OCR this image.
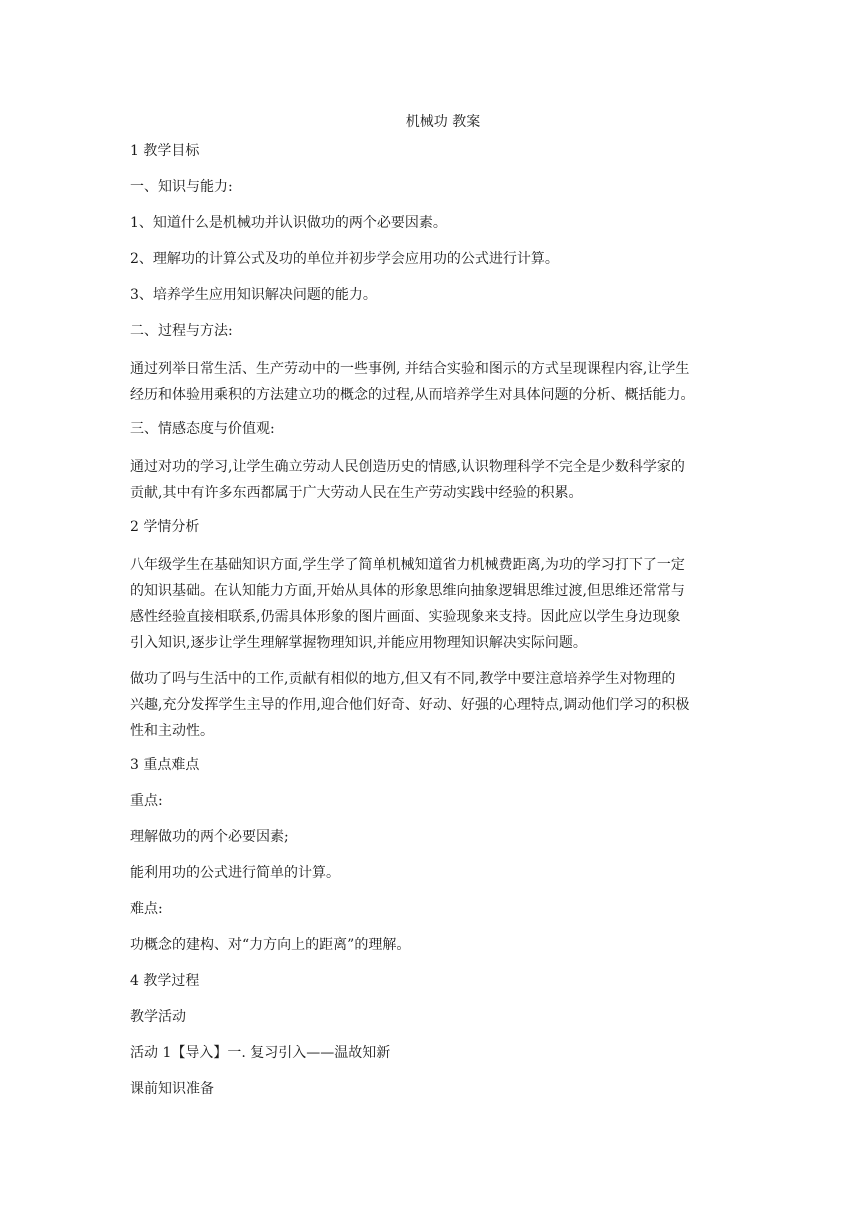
机械功 教案
1 教学目标
一、知识与能力:
1、知道什么是机械功并认识做功的两个必要因素。
2、理解功的计算公式及功的单位并初步学会应用功的公式进行计算。
3、培养学生应用知识解决问题的能力。
二、过程与方法:
通过列举日常生活、生产劳动中的一些事例, 并结合实验和图示的方式呈现课程内容,让学生
经历和体验用乘积的方法建立功的概念的过程,从而培养学生对具体问题的分析、概括能力。
三、情感态度与价值观:
通过对功的学习,让学生确立劳动人民创造历史的情感,认识物理科学不完全是少数科学家的
贡献,其中有许多东西都属于广大劳动人民在生产劳动实践中经验的积累。
2 学情分析
八年级学生在基础知识方面,学生学了简单机械知道省力机械费距离,为功的学习打下了一定
的知识基础。在认知能力方面,开始从具体的形象思维向抽象逻辑思维过渡,但思维还常常与
感性经验直接相联系,仍需具体形象的图片画面、实验现象来支持。因此应以学生身边现象
引入知识,逐步让学生理解掌握物理知识,并能应用物理知识解决实际问题。
做功了吗与生活中的工作,贡献有相似的地方,但又有不同,教学中要注意培养学生对物理的
兴趣,充分发挥学生主导的作用,迎合他们好奇、好动、好强的心理特点,调动他们学习的积极
性和主动性。
3 重点难点
重点:
理解做功的两个必要因素;
能利用功的公式进行简单的计算。
难点:
功概念的建构、对“力方向上的距离”的理解。
4 教学过程
教学活动
活动 1【导入】一. 复习引入——温故知新
课前知识准备
